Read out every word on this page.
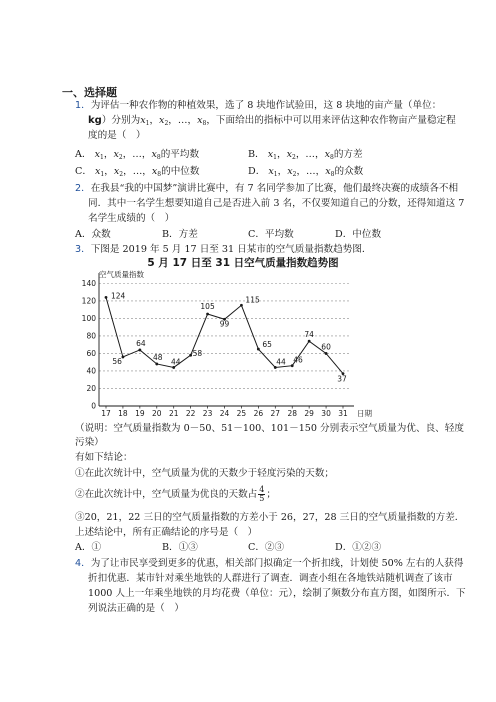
一、选择题
1．为评估一种农作物的种植效果，选了 8 块地作试验田，这 8 块地的亩产量（单位：
kg）分别为$x_1$，$x_2$，…，$x_8$，下面给出的指标中可以用来评估这种农作物亩产量稳定程
度的是（　）
A． $x_1$，$x_2$，…，$x_8$的平均数	B． $x_1$，$x_2$，…，$x_8$的方差
C． $x_1$，$x_2$，…，$x_8$的中位数	D． $x_1$，$x_2$，…，$x_8$的众数
2．在我县“我的中国梦”演讲比赛中，有 7 名同学参加了比赛，他们最终决赛的成绩各不相
同．其中一名学生想要知道自己是否进入前 3 名，不仅要知道自己的分数，还得知道这 7
名学生成绩的（　）
A．众数	B．方差	C．平均数	D．中位数
3．下图是 2019 年 5 月 17 日至 31 日某市的空气质量指数趋势图．
5 月 17 日至 31 日空气质量指数趋势图
0
20
40
60
80
100
120
140
17 18 19 20 21 22 23 24 25 26 27 28 29 30 31
124
56
64
48
44
58
105
99
115
65
44 46
74
60
37
空气质量指数
日期
（说明：空气质量指数为 0－50、51－100、101－150 分别表示空气质量为优、良、轻度
污染）
有如下结论：
①在此次统计中，空气质量为优的天数少于轻度污染的天数；
②在此次统计中，空气质量为优良的天数占 $\frac{4}{5}$ ；
③20，21，22 三日的空气质量指数的方差小于 26，27，28 三日的空气质量指数的方差．
上述结论中，所有正确结论的序号是（　）
A．①	B．①③	C．②③	D．①②③
4．为了让市民享受到更多的优惠，相关部门拟确定一个折扣线，计划使 50% 左右的人获得
折扣优惠．某市针对乘坐地铁的人群进行了调查．调查小组在各地铁站随机调查了该市
1000 人上一年乘坐地铁的月均花费（单位：元），绘制了频数分布直方图，如图所示．下
列说法正确的是（　）
